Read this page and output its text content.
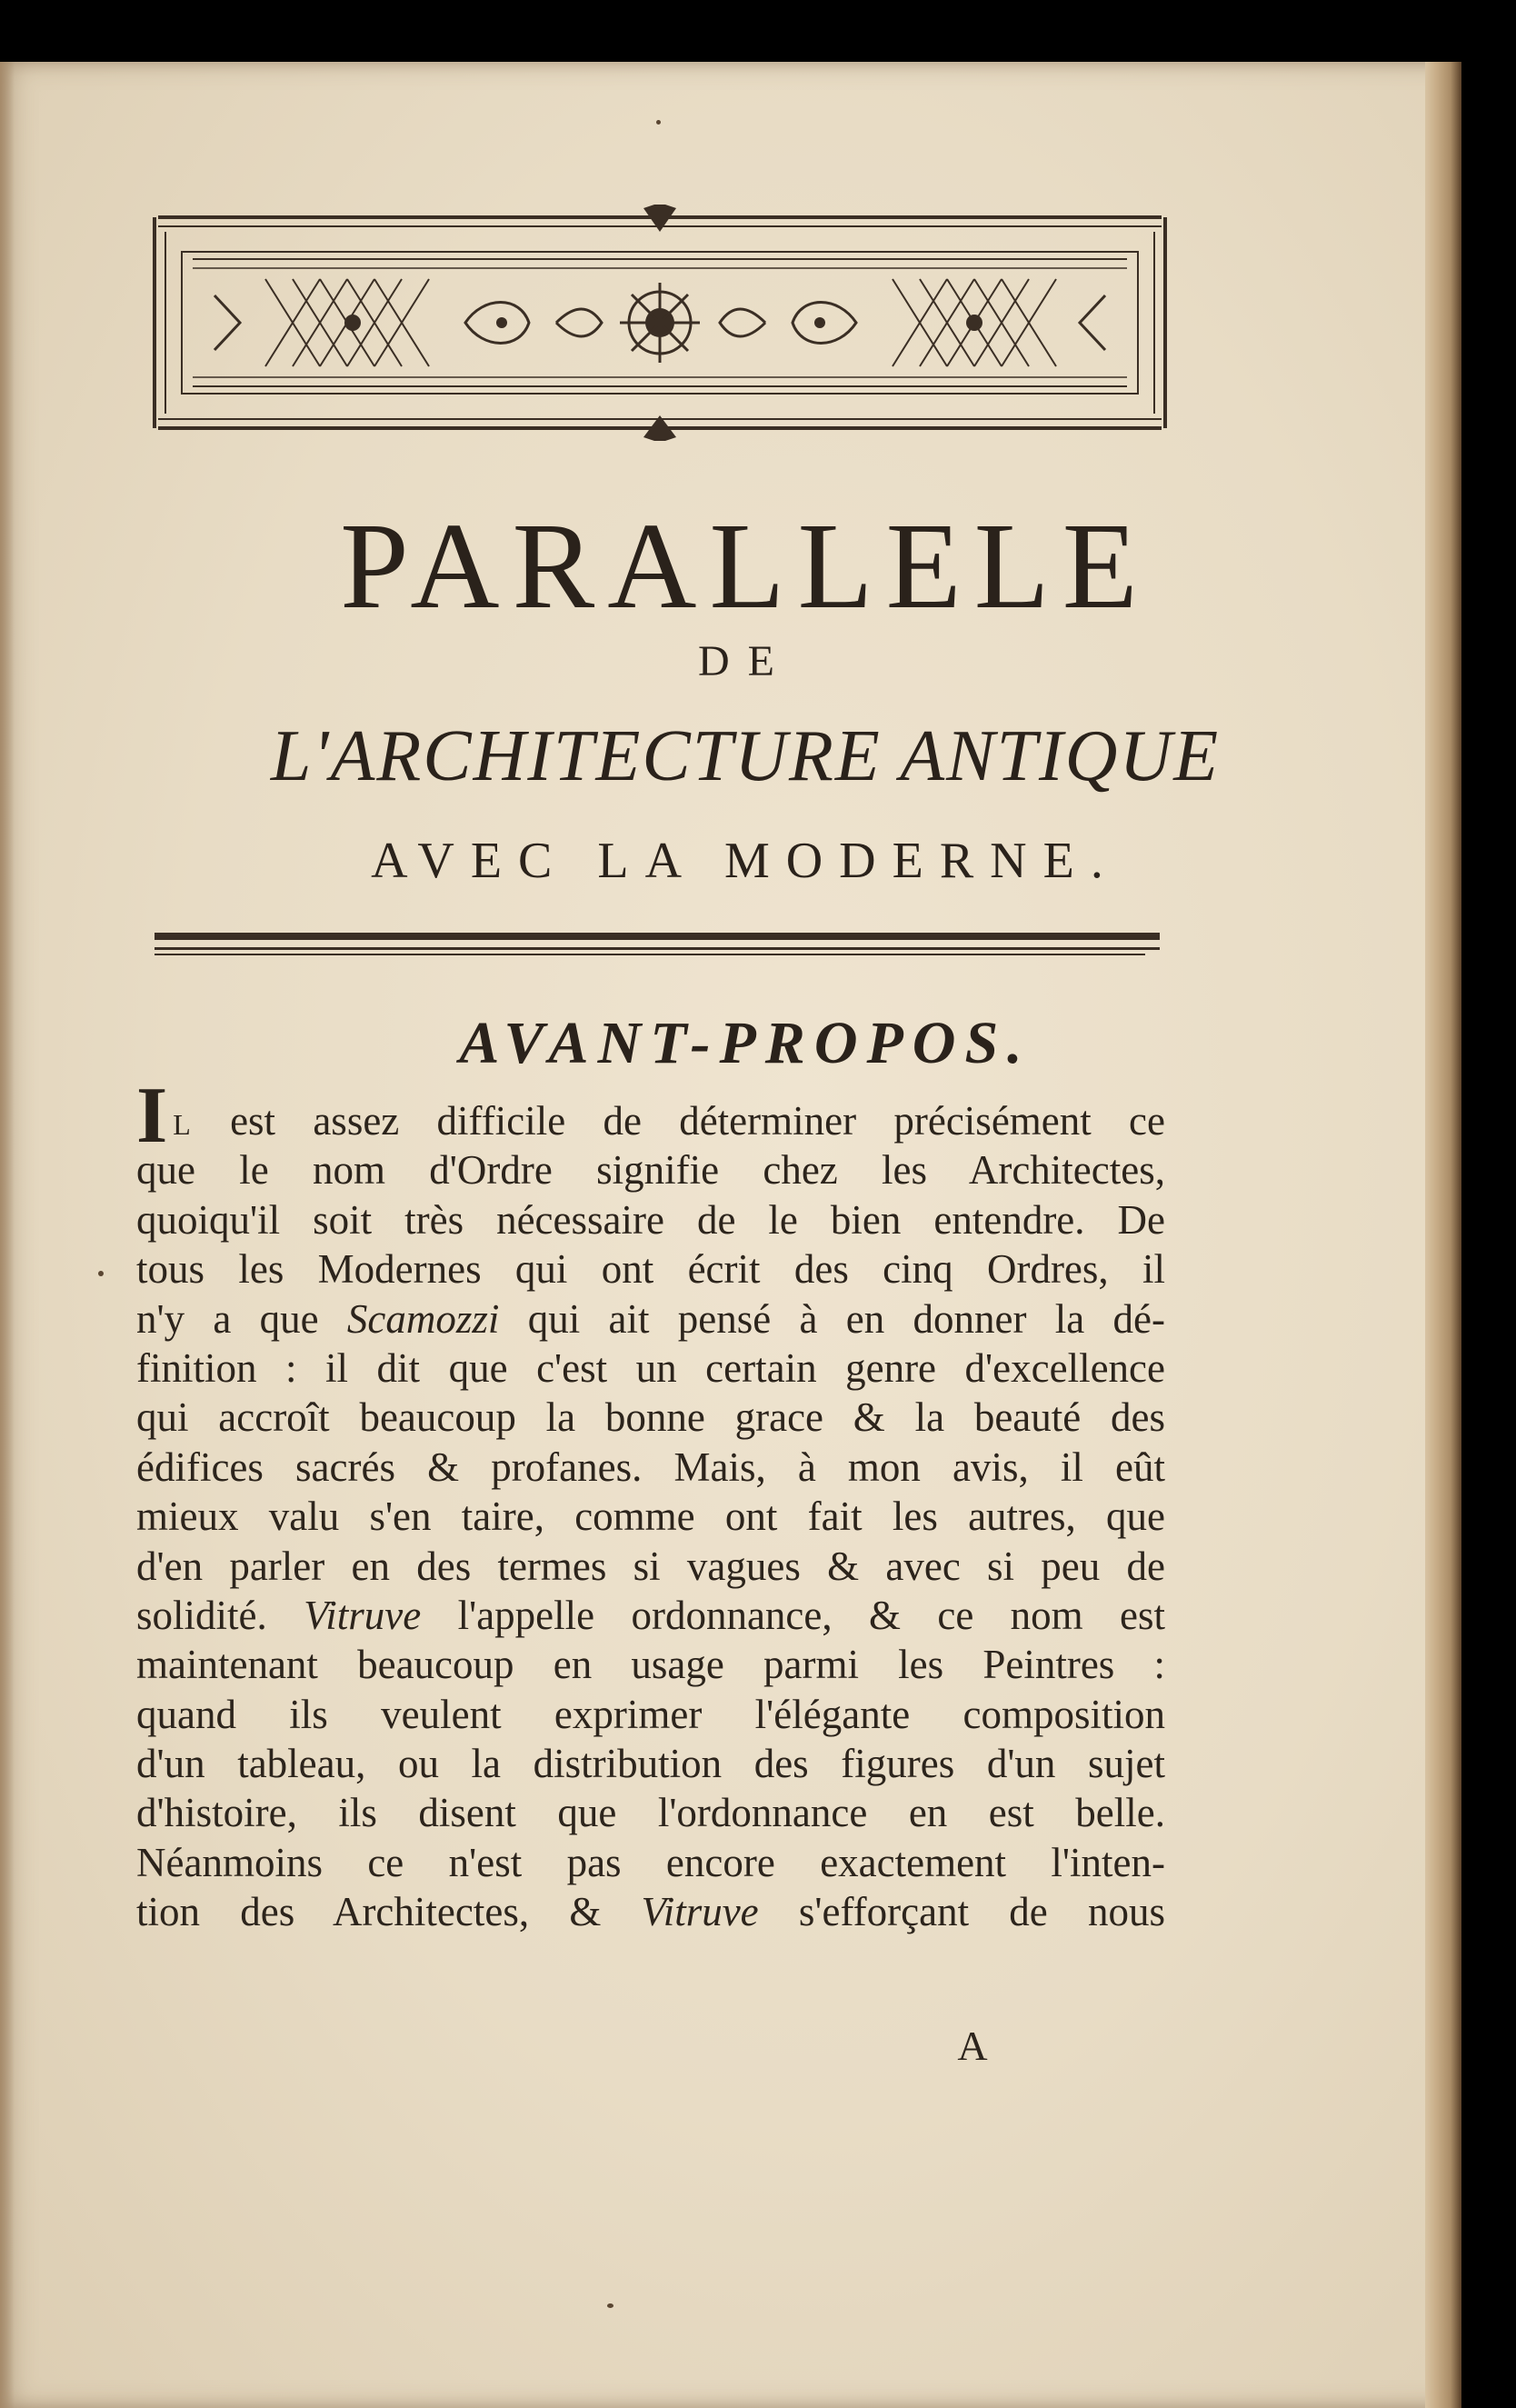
PARALLELE
DE
L'ARCHITECTURE ANTIQUE
AVEC LA MODERNE.
AVANT-PROPOS.
Il est assez difficile de déterminer précisément ce
que le nom d'Ordre signifie chez les Architectes,
quoiqu'il soit très nécessaire de le bien entendre. De
tous les Modernes qui ont écrit des cinq Ordres, il
n'y a que Scamozzi qui ait pensé à en donner la dé-
finition : il dit que c'est un certain genre d'excellence
qui accroît beaucoup la bonne grace & la beauté des
édifices sacrés & profanes. Mais, à mon avis, il eût
mieux valu s'en taire, comme ont fait les autres, que
d'en parler en des termes si vagues & avec si peu de
solidité. Vitruve l'appelle ordonnance, & ce nom est
maintenant beaucoup en usage parmi les Peintres :
quand ils veulent exprimer l'élégante composition
d'un tableau, ou la distribution des figures d'un sujet
d'histoire, ils disent que l'ordonnance en est belle.
Néanmoins ce n'est pas encore exactement l'inten-
tion des Architectes, & Vitruve s'efforçant de nous
A
